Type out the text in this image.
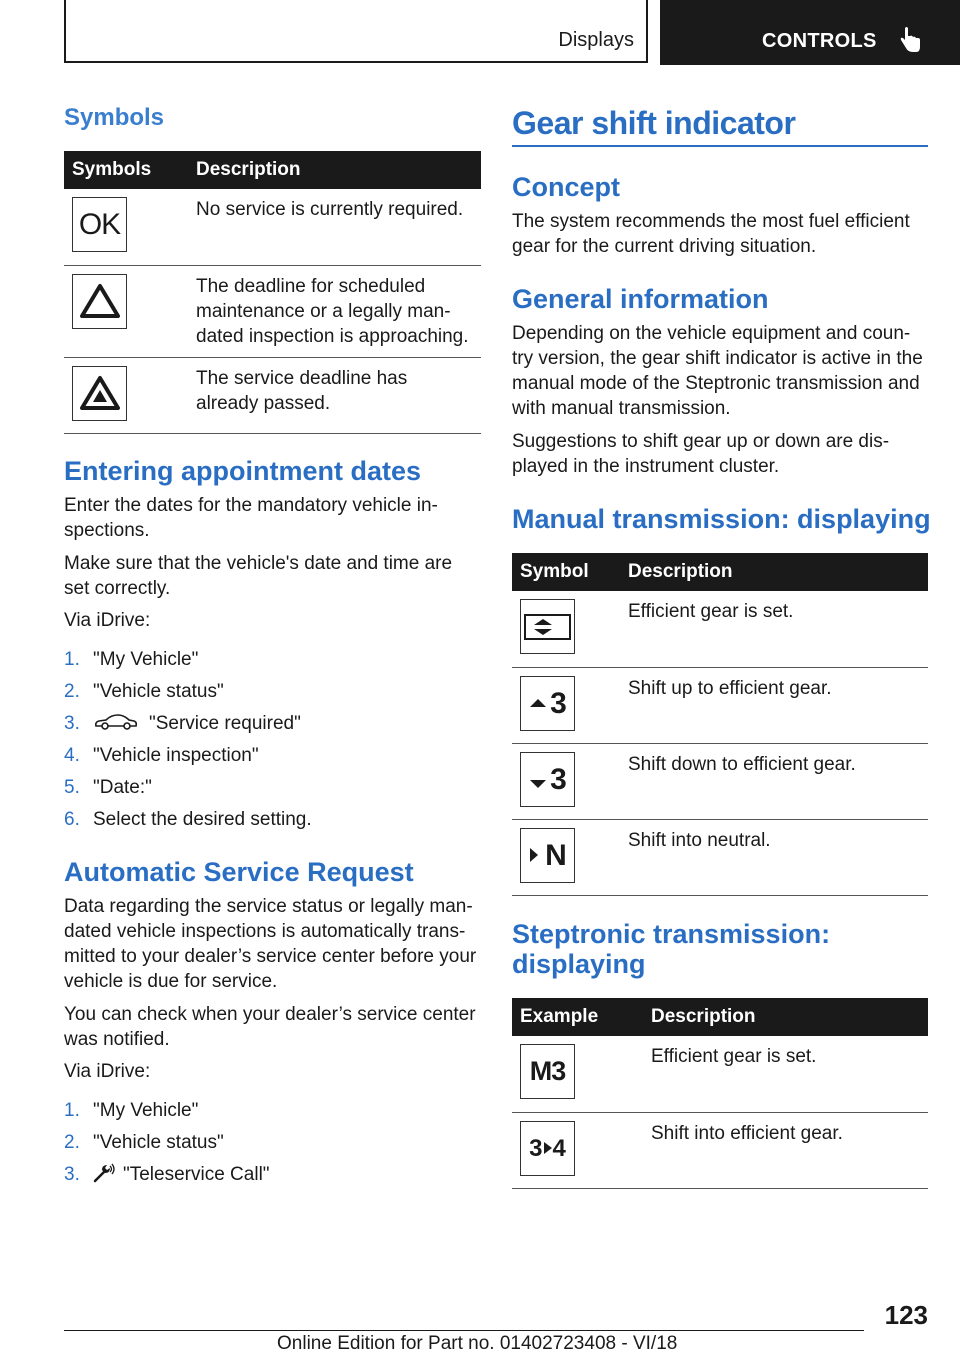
Displays	CONTROLS
Symbols
Symbols	Description

OK	No service is currently required.

	The deadline for scheduled maintenance or a legally man-dated inspection is approaching.

	The service deadline has already passed.
Entering appointment dates

Enter the dates for the mandatory vehicle in-spections.

Make sure that the vehicle's date and time are set correctly.

Via iDrive:

1. "My Vehicle"
2. "Vehicle status"
3.	"Service required"
4. "Vehicle inspection"
5. "Date:"
6. Select the desired setting.
Automatic Service Request

Data regarding the service status or legally man-dated vehicle inspections is automatically trans-mitted to your dealer’s service center before your vehicle is due for service.

You can check when your dealer’s service center was notified.

Via iDrive:

1. "My Vehicle"
2. "Vehicle status"
3. "Teleservice Call"
Gear shift indicator
Concept

The system recommends the most fuel efficient gear for the current driving situation.

General information

Depending on the vehicle equipment and coun-try version, the gear shift indicator is active in the manual mode of the Steptronic transmission and with manual transmission.

Suggestions to shift gear up or down are dis-played in the instrument cluster.

Manual transmission: displaying
Symbol	Description

	Efficient gear is set.

3	Shift up to efficient gear.

3	Shift down to efficient gear.

N	Shift into neutral.
Steptronic transmission:
displaying
Example	Description

M3	Efficient gear is set.

3 4	Shift into efficient gear.
123
Online Edition for Part no. 01402723408 - VI/18
